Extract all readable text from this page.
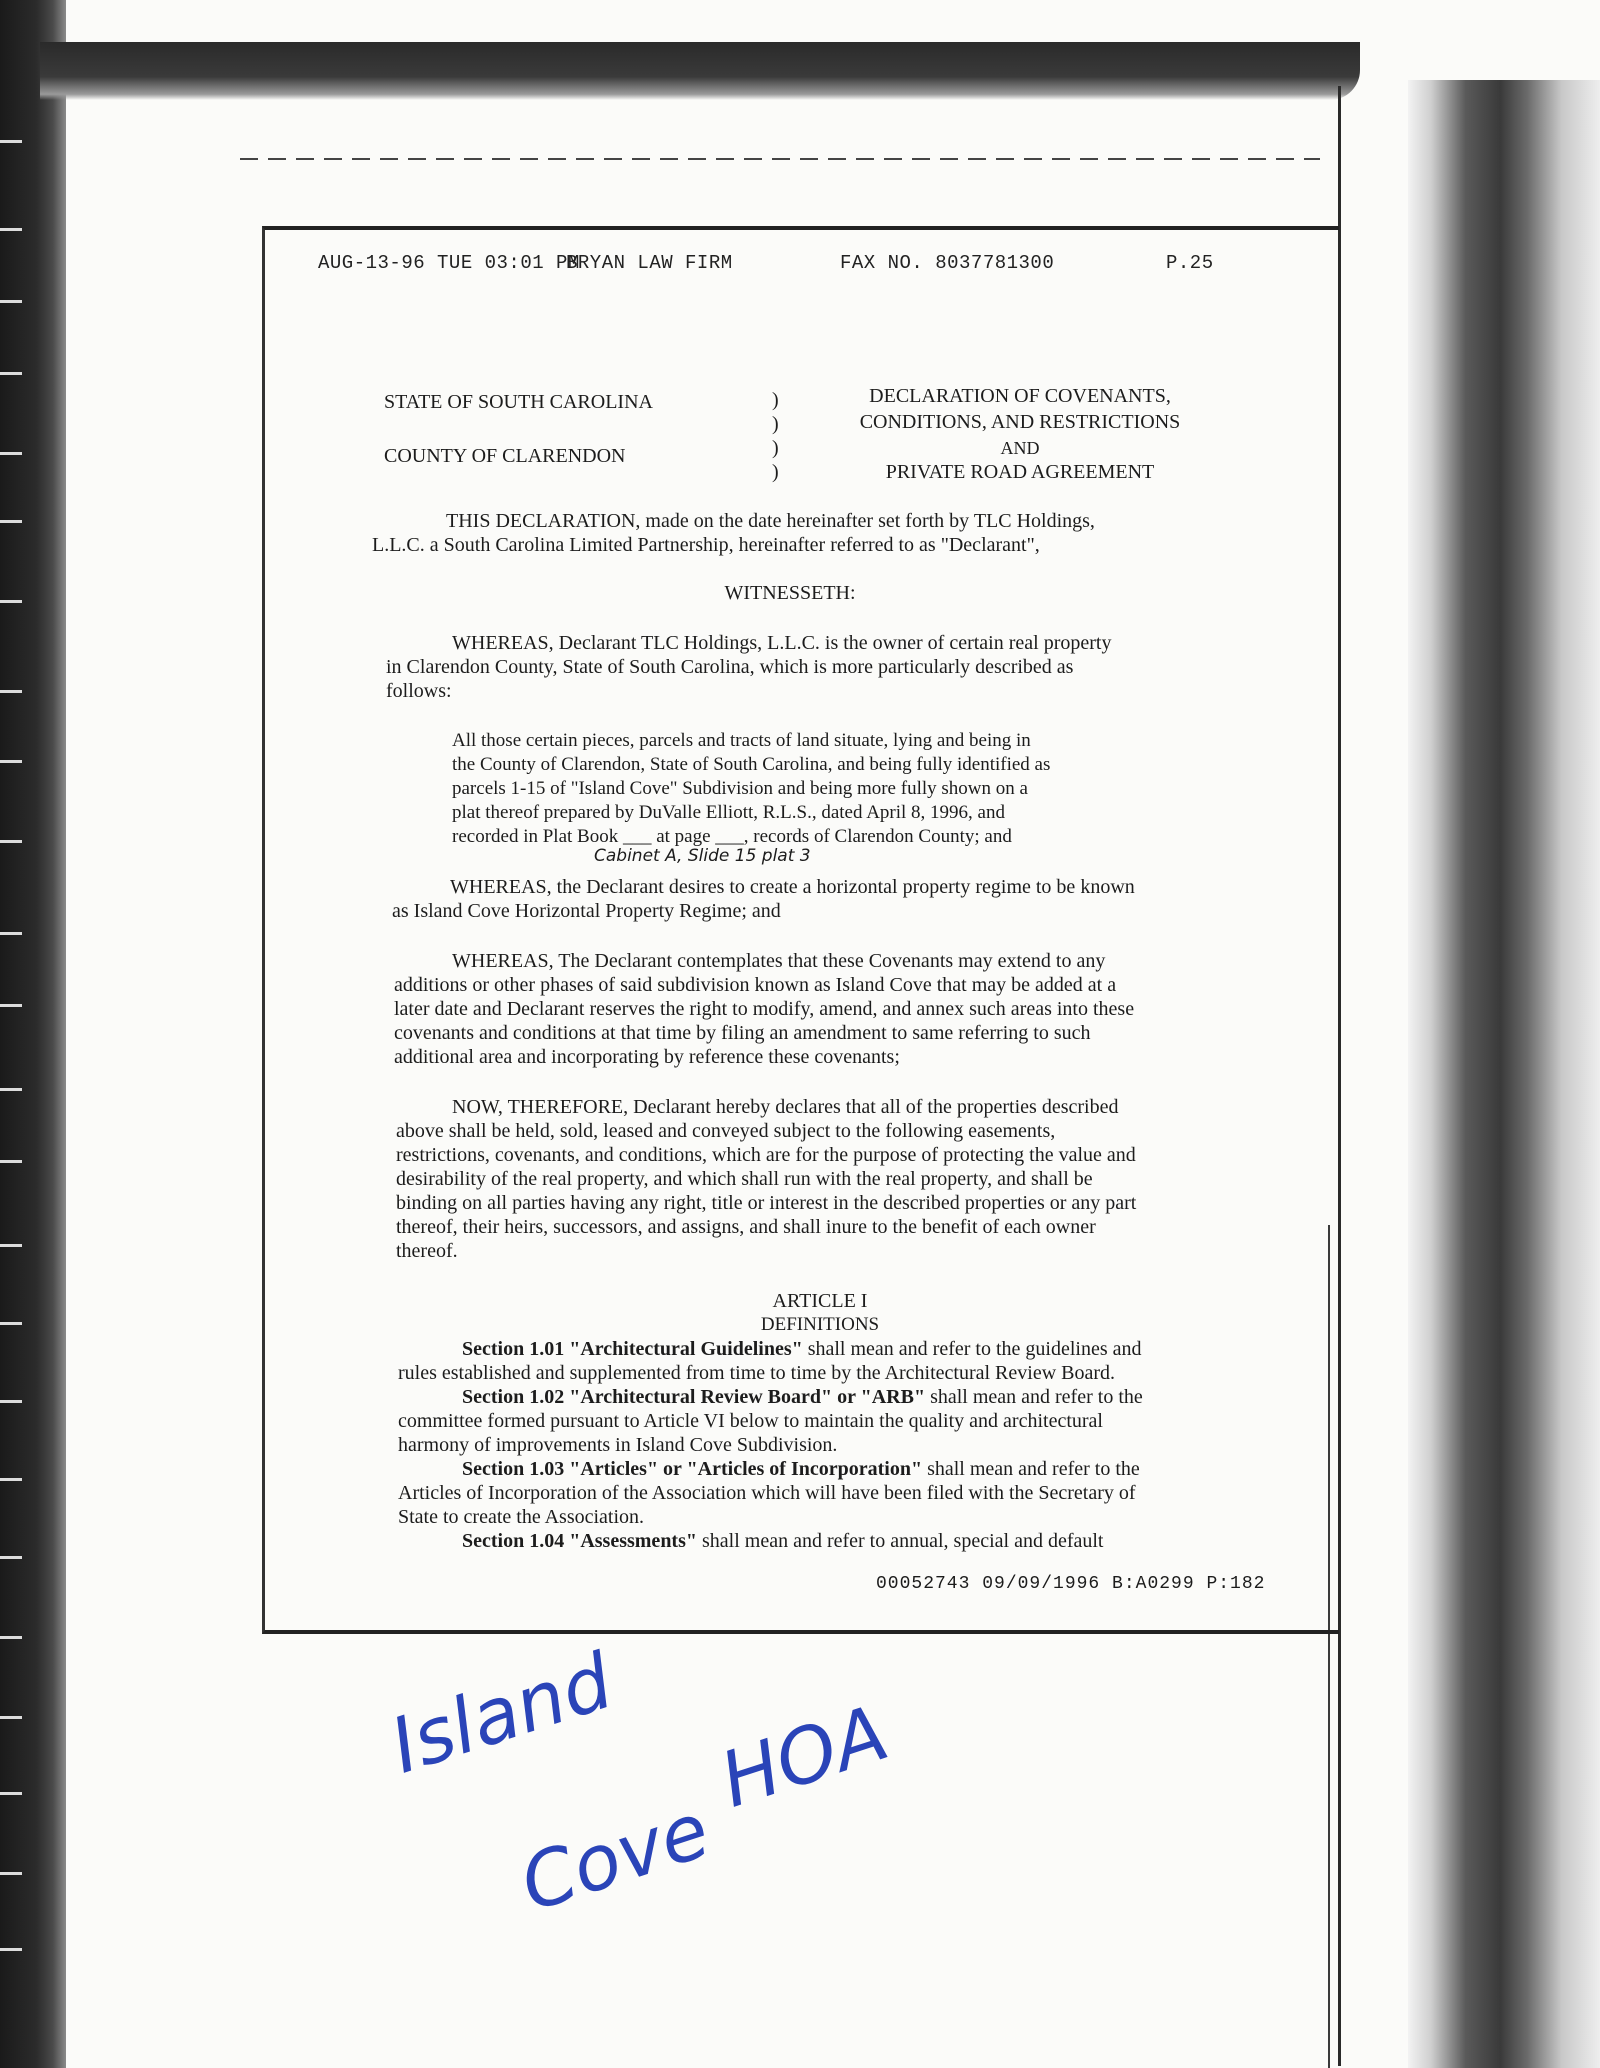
AUG-13-96 TUE 03:01 PM
BRYAN LAW FIRM	FAX NO. 8037781300	P.25
STATE OF SOUTH CAROLINA
COUNTY OF CLARENDON
)
)
)
)
DECLARATION OF COVENANTS,
CONDITIONS, AND RESTRICTIONS
AND
PRIVATE ROAD AGREEMENT
THIS DECLARATION, made on the date hereinafter set forth by TLC Holdings,
L.L.C. a South Carolina Limited Partnership, hereinafter referred to as "Declarant",
WITNESSETH:
WHEREAS, Declarant TLC Holdings, L.L.C. is the owner of certain real property
in Clarendon County, State of South Carolina, which is more particularly described as
follows:
All those certain pieces, parcels and tracts of land situate, lying and being in
the County of Clarendon, State of South Carolina, and being fully identified as
parcels 1-15 of "Island Cove" Subdivision and being more fully shown on a
plat thereof prepared by DuValle Elliott, R.L.S., dated April 8, 1996, and
recorded in Plat Book ___ at page ___, records of Clarendon County; and
Cabinet A, Slide 15 plat 3
WHEREAS, the Declarant desires to create a horizontal property regime to be known
as Island Cove Horizontal Property Regime; and
WHEREAS, The Declarant contemplates that these Covenants may extend to any
additions or other phases of said subdivision known as Island Cove that may be added at a
later date and Declarant reserves the right to modify, amend, and annex such areas into these
covenants and conditions at that time by filing an amendment to same referring to such
additional area and incorporating by reference these covenants;
NOW, THEREFORE, Declarant hereby declares that all of the properties described
above shall be held, sold, leased and conveyed subject to the following easements,
restrictions, covenants, and conditions, which are for the purpose of protecting the value and
desirability of the real property, and which shall run with the real property, and shall be
binding on all parties having any right, title or interest in the described properties or any part
thereof, their heirs, successors, and assigns, and shall inure to the benefit of each owner
thereof.
ARTICLE I
DEFINITIONS
Section 1.01 "Architectural Guidelines" shall mean and refer to the guidelines and
rules established and supplemented from time to time by the Architectural Review Board.
Section 1.02 "Architectural Review Board" or "ARB" shall mean and refer to the
committee formed pursuant to Article VI below to maintain the quality and architectural
harmony of improvements in Island Cove Subdivision.
Section 1.03 "Articles" or "Articles of Incorporation" shall mean and refer to the
Articles of Incorporation of the Association which will have been filed with the Secretary of
State to create the Association.
Section 1.04 "Assessments" shall mean and refer to annual, special and default
00052743 09/09/1996 B:A0299 P:182
Island
Cove
HOA
